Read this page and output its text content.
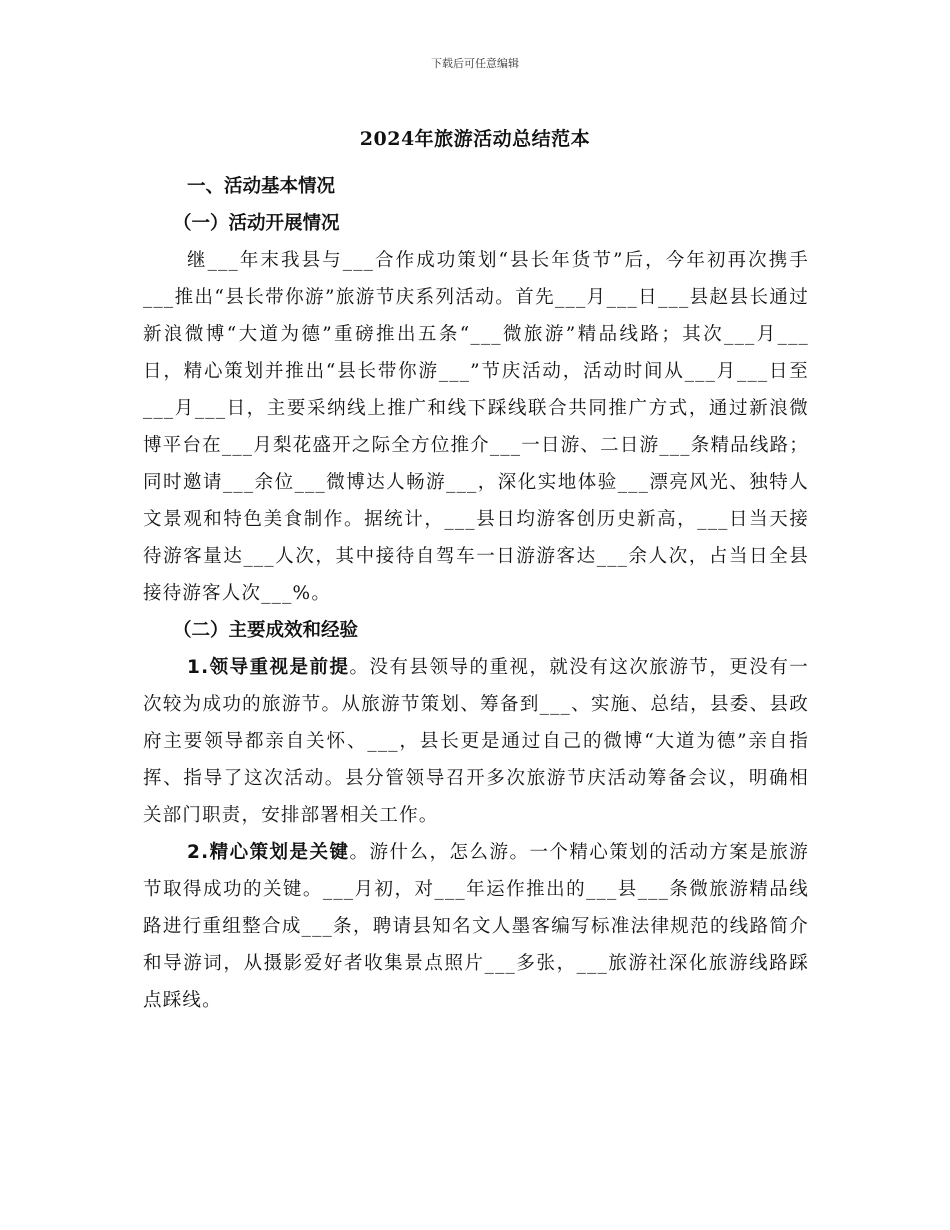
下载后可任意编辑
2024年旅游活动总结范本

一、活动基本情况

（一）活动开展情况

继___年末我县与___合作成功策划“县长年货节”后，今年初再次携手___推出“县长带你游”旅游节庆系列活动。首先___月___日___县赵县长通过新浪微博“大道为德”重磅推出五条“___微旅游”精品线路；其次___月___日，精心策划并推出“县长带你游___”节庆活动，活动时间从___月___日至___月___日，主要采纳线上推广和线下踩线联合共同推广方式，通过新浪微博平台在___月梨花盛开之际全方位推介___一日游、二日游___条精品线路；同时邀请___余位___微博达人畅游___，深化实地体验___漂亮风光、独特人文景观和特色美食制作。据统计，___县日均游客创历史新高，___日当天接待游客量达___人次，其中接待自驾车一日游游客达___余人次，占当日全县接待游客人次___%。

（二）主要成效和经验

1.领导重视是前提。没有县领导的重视，就没有这次旅游节，更没有一次较为成功的旅游节。从旅游节策划、筹备到___、实施、总结，县委、县政府主要领导都亲自关怀、___，县长更是通过自己的微博“大道为德”亲自指挥、指导了这次活动。县分管领导召开多次旅游节庆活动筹备会议，明确相关部门职责，安排部署相关工作。

2.精心策划是关键。游什么，怎么游。一个精心策划的活动方案是旅游节取得成功的关键。___月初，对___年运作推出的___县___条微旅游精品线路进行重组整合成___条，聘请县知名文人墨客编写标准法律规范的线路简介和导游词，从摄影爱好者收集景点照片___多张，___旅游社深化旅游线路踩点踩线。
